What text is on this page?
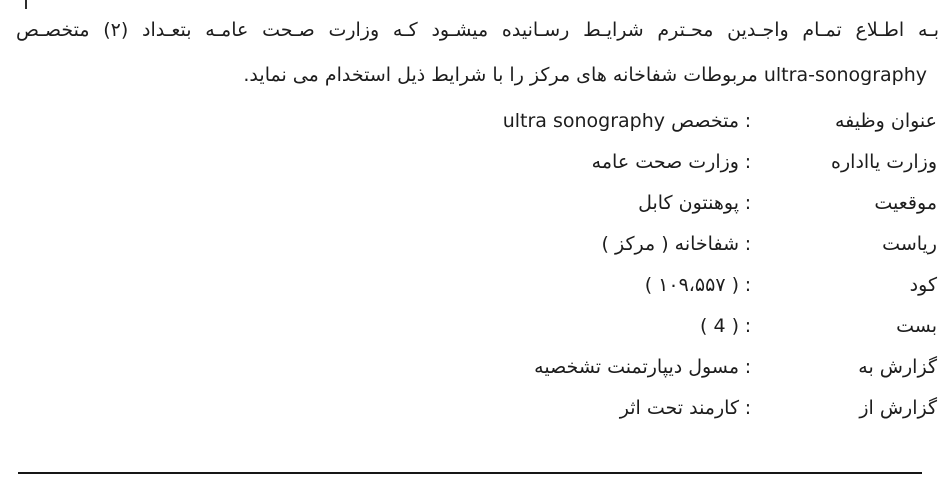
بـه اطـلاع تمـام واجـدین محـترم شرایـط رسـانیده میشـود کـه وزارت صـحت عامـه بتعـداد (۲) متخصـص
ultra-sonography مربوطات شفاخانه های مرکز را با شرایط ذیل استخدام می نماید.
عنوان وظیفه
:
متخصص ultra sonography
وزارت یااداره
:
وزارت صحت عامه
موقعیت
:
پوهنتون کابل
ریاست
:
شفاخانه ( مرکز )
کود
:
( ۱۰۹،۵۵۷ )
بست
:
( 4 )
گزارش به
:
مسول دیپارتمنت تشخصیه
گزارش از
:
کارمند تحت اثر
